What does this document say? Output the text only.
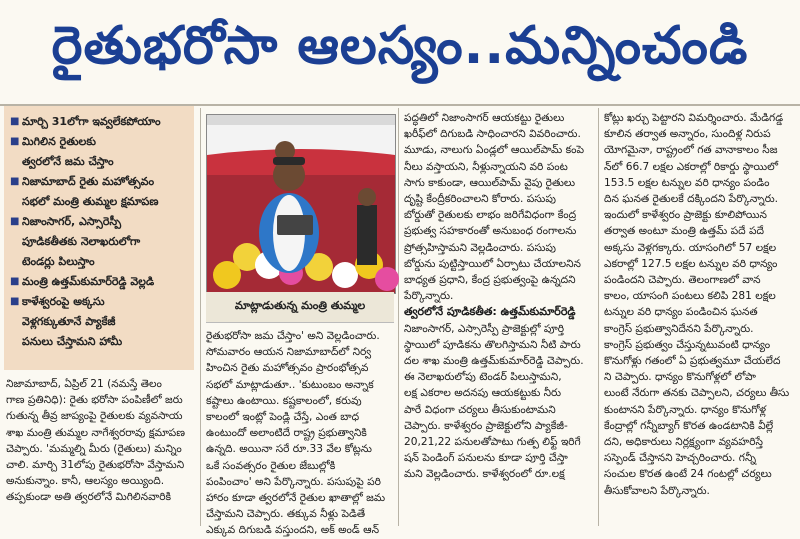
రైతుభరోసా ఆలస్యం..మన్నించండి
■ మార్చి 31లోగా ఇవ్వలేకపోయాం
■ మిగిలిన రైతులకు
త్వరలోనే జమ చేస్తాం
■ నిజామాబాద్‌ రైతు మహోత్సవం
సభలో మంత్రి తుమ్మల క్షమాపణ
■ నిజాంసాగర్‌, ఎస్సారెస్పీ
పూడికతీతకు నెలాఖరులోగా
టెండర్లు పిలుస్తాం
■ మంత్రి ఉత్తమ్‌కుమార్‌రెడ్డి వెల్లడి
■ కాళేశ్వరంపై అక్కసు
వెళ్లగక్కుతూనే ప్యాకేజీ
పనులు చేస్తామని హామీ

నిజామాబాద్‌, ఏప్రిల్‌ 21 (నమస్తే తెలం

గాణ ప్రతినిధి): రైతు భరోసా పంపిణీలో జరు

గుతున్న తీవ్ర జాప్యంపై రైతులకు వ్యవసాయ

శాఖ మంత్రి తుమ్మల నాగేశ్వరరావు క్షమాపణ

చెప్పారు. 'మమ్మల్ని మీరు (రైతులు) మన్నిం

చాలి. మార్చి 31లోపు రైతుభరోసా వేస్తామని

అనుకున్నాం. కానీ, ఆలస్యం అయ్యింది.

తప్పకుండా అతి త్వరలోనే మిగిలినవారికి

మాట్లాడుతున్న మంత్రి తుమ్మల

రైతుభరోసా జమ చేస్తాం' అని వెల్లడించారు.

సోమవారం ఆయన నిజామాబాద్‌లో నిర్వ

హించిన రైతు మహోత్సవం ప్రారంభోత్సవ

సభలో మాట్లాడుతూ.. 'కుటుంబం అన్నాక

కష్టాలు ఉంటాయి. కష్టకాలంలో, కరువు

కాలంలో ఇంట్లో పెండ్లి చేస్తే, ఎంత బాధ

ఉంటుందో అలాంటిదే రాష్ట్ర ప్రభుత్వానికి

ఉన్నది. అయినా సరే రూ.33 వేల కోట్లను

ఒకే సంవత్సరం రైతుల జేబుల్లోకి

పంపించాం' అని పేర్కొన్నారు. పసుపుపై పరి

హారం కూడా త్వరలోనే రైతుల ఖాతాల్లో జమ

చేస్తామని చెప్పారు. తక్కువ నీళ్లు పెడితే

ఎక్కువ దిగుబడి వస్తుందని, అక్‌ అండ్‌ ఆన్‌

పద్ధతిలో నిజాంసాగర్‌ ఆయకట్టు రైతులు

ఖరీఫ్‌‌లో దిగుబడి సాధించారని వివరించారు.

మూడు, నాలుగు ఏండ్లలో ఆయిల్‌పామ్‌ కంపె

నీలు వస్తాయని, నీళ్లున్నాయని వరి పంట

సాగు కాకుండా, ఆయిల్‌పామ్‌ వైపు రైతులు

దృష్టి కేంద్రీకరించాలని కోరారు. పసుపు

బోర్డుతో రైతులకు లాభం జరిగేవిధంగా కేంద్ర

ప్రభుత్వ సహకారంతో అనుబంధ రంగాలను

ప్రోత్సహిస్తామని వెల్లడించారు. పసుపు

బోర్డును పుట్టిస్తాయిలో ఏర్పాటు చేయాలనిన

బాధ్యత ప్రధాని, కేంద్ర ప్రభుత్వంపై ఉన్నదని

పేర్కొన్నారు.

త్వరలోనే పూడికతీత: ఉత్తమ్‌కుమార్‌రెడ్డి

నిజాంసాగర్‌, ఎస్సారెస్పీ ప్రాజెక్టుల్లో పూర్తి

స్థాయిలో పూడికను తొలగిస్తామని నీటి పారు

దల శాఖ మంత్రి ఉత్తమ్‌కుమార్‌రెడ్డి చెప్పారు.

ఈ నెలాఖరులోపు టెండర్‌ పిలుస్తామని,

లక్ష ఎకరాల అదనపు ఆయకట్టుకు నీరు

పారే విధంగా చర్యలు తీసుకుంటామని

చెప్పారు. కాళేశ్వరం ప్రాజెక్టులోని ప్యాకేజీ-

20,21,22 పనులతోపాటు గుత్ప లిఫ్ట్‌ ఇరిగే

షన్‌ పెండింగ్‌ పనులను కూడా పూర్తి చేస్తా

మని వెల్లడించారు. కాళేశ్వరంలో రూ.లక్ష

కోట్లు ఖర్చు పెట్టారని విమర్శించారు. మేడిగడ్డ

కూలిన తర్వాత అన్నారం, సుందిళ్ల నిరుప

యోగమైనా, రాష్ట్రంలో గత వానాకాలం సీజ

న్‌లో 66.7 లక్షల ఎకరాల్లో రికార్డు స్థాయిలో

153.5 లక్షల టన్నుల వరి ధాన్యం పండిం

దిన ఘనత రైతులకే దక్కిందని పేర్కొన్నారు.

ఇందులో కాళేశ్వరం ప్రాజెక్టు కూలిపోయిన

తర్వాత అంటూ మంత్రి ఉత్తమ్‌ పదే పదే

అక్కసు వెళ్లగక్కారు. యాసంగిలో 57 లక్షల

ఎకరాల్లో 127.5 లక్షల టన్నుల వరి ధాన్యం

పండిందని చెప్పారు. తెలంగాణలో వాన

కాలం, యాసంగి పంటలు కలిపి 281 లక్షల

టన్నుల వరి ధాన్యం పండించిన ఘనత

కాంగ్రెస్‌ ప్రభుత్వానిదేనని పేర్కొన్నారు.

కాంగ్రెస్‌ ప్రభుత్వం చేస్తున్నటువంటి ధాన్యం

కొనుగోళ్లు గతంలో ఏ ప్రభుత్వమూ చేయలేద

ని చెప్పారు. ధాన్యం కొనుగోళ్లలో లోపా

లుంటే నేరుగా తనకు చెప్పాలని, చర్యలు తీసు

కుంటానని పేర్కొన్నారు. ధాన్యం కొనుగోళ్ల

కేంద్రాల్లో గన్నీబ్యాగ్‌ కొరత ఉండటానికి వీల్లే

దని, అధికారులు నిర్లక్ష్యంగా వ్యవహరిస్తే

సస్పెండ్‌ చేస్తానని హెచ్చరించారు. గన్నీ

సంచుల కొరత ఉంటే 24 గంటల్లో చర్యలు

తీసుకోవాలని పేర్కొన్నారు.
